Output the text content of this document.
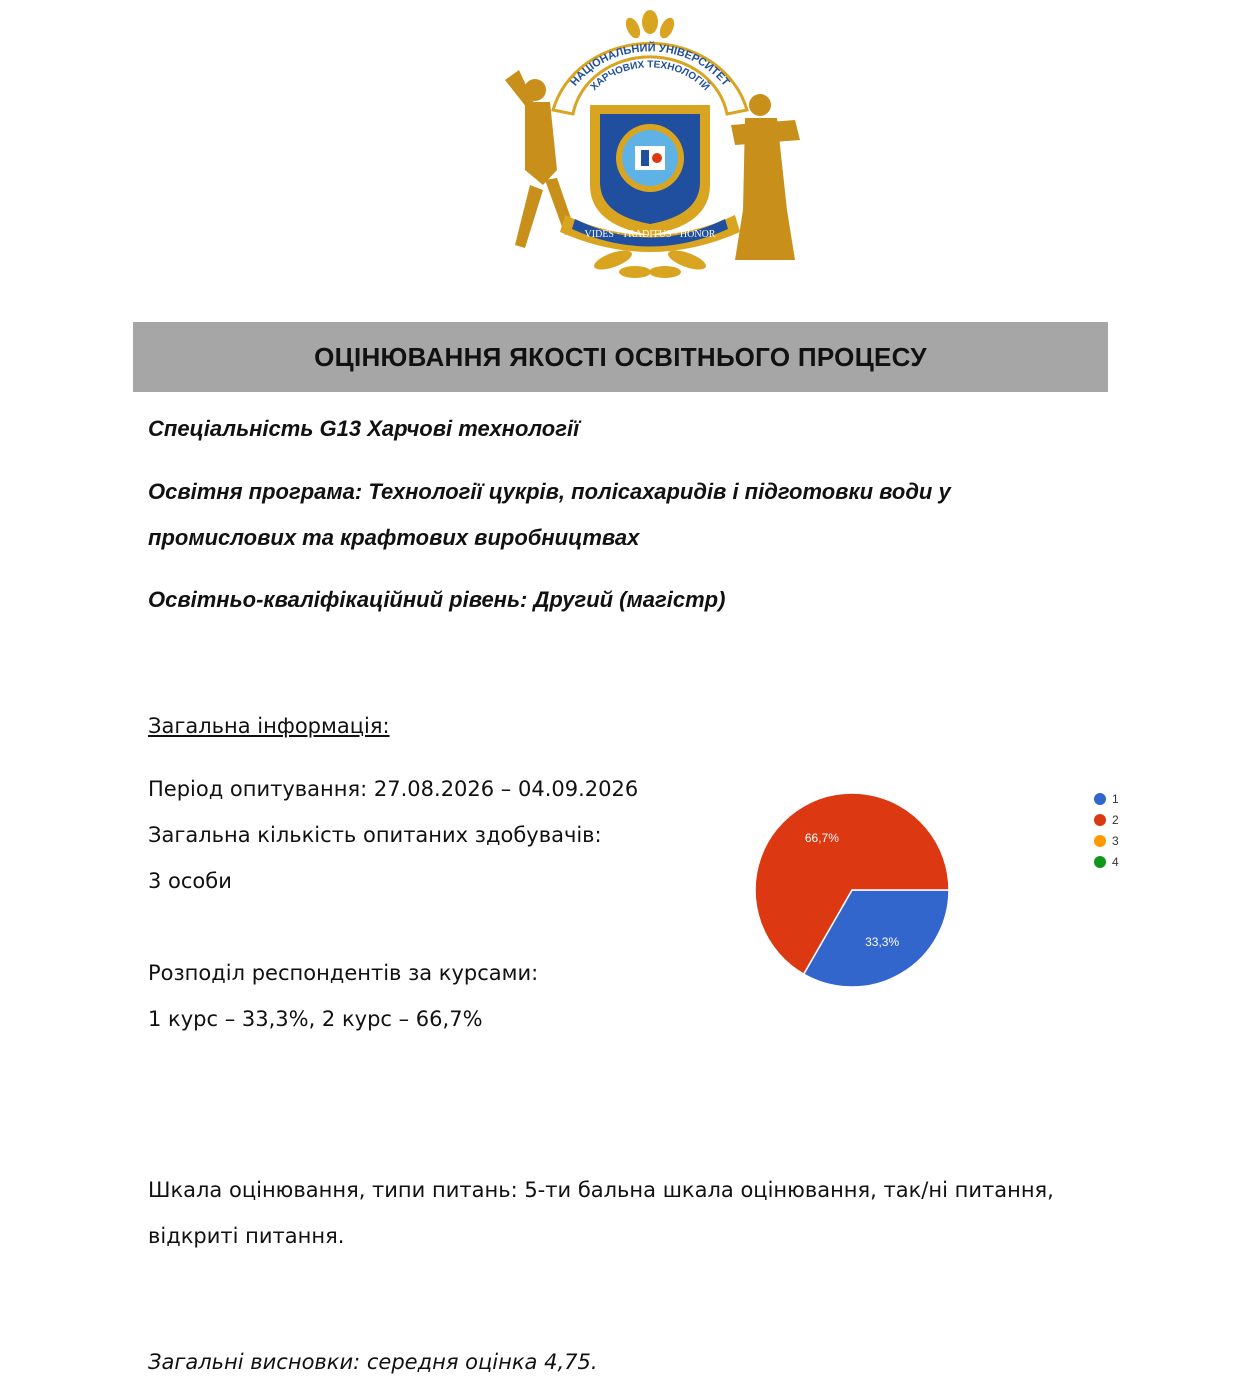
НАЦІОНАЛЬНИЙ УНІВЕРСИТЕТ
ХАРЧОВИХ ТЕХНОЛОГІЙ
VIDES · TRADITUS · HONOR
ОЦІНЮВАННЯ ЯКОСТІ ОСВІТНЬОГО ПРОЦЕСУ

Спеціальність G13 Харчові технології

Освітня програма: Технології цукрів, полісахаридів і підготовки води у

промислових та крафтових виробництвах

Освітньо-кваліфікаційний рівень: Другий (магістр)

Загальна інформація:

Період опитування: 27.08.2026 – 04.09.2026

Загальна кількість опитаних здобувачів:

3 особи

Розподіл респондентів за курсами:

1 курс – 33,3%, 2 курс – 66,7%

33,3%
66,7%
1
2
3
4

Шкала оцінювання, типи питань: 5-ти бальна шкала оцінювання, так/ні питання,

відкриті питання.

Загальні висновки: середня оцінка 4,75.
